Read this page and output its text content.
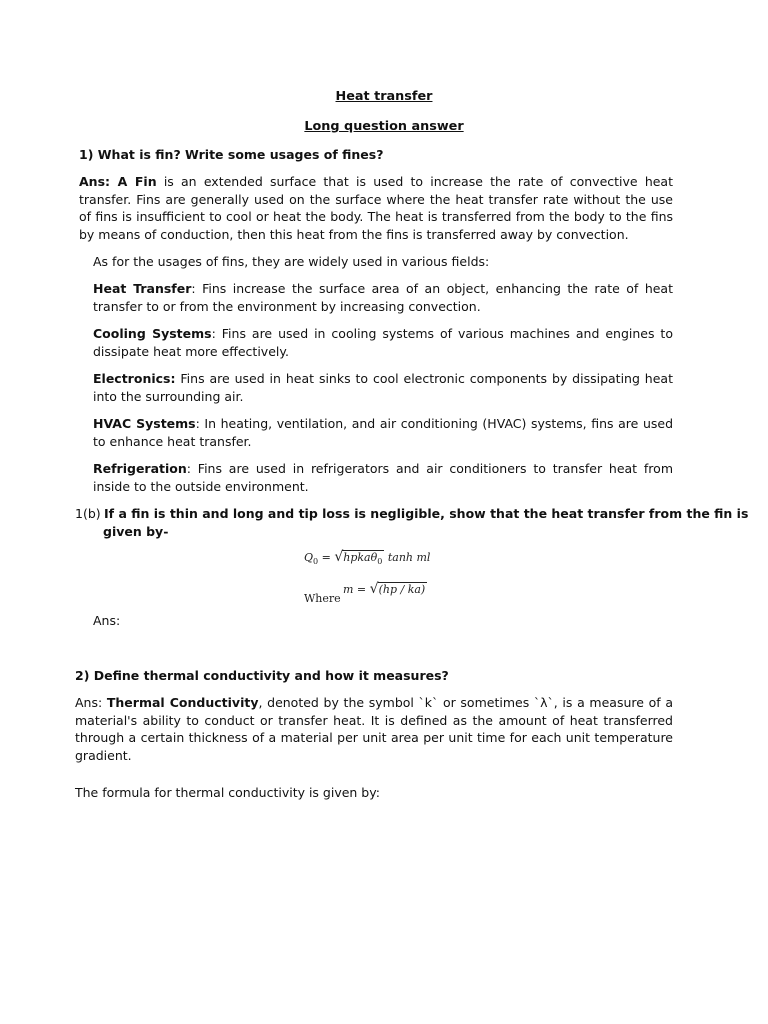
Heat transfer
Long question answer
1) What is fin? Write some usages of fines?
Ans: A Fin is an extended surface that is used to increase the rate of convective heat transfer. Fins are generally used on the surface where the heat transfer rate without the use of fins is insufficient to cool or heat the body. The heat is transferred from the body to the fins by means of conduction, then this heat from the fins is transferred away by convection.
As for the usages of fins, they are widely used in various fields:
Heat Transfer: Fins increase the surface area of an object, enhancing the rate of heat transfer to or from the environment by increasing convection.
Cooling Systems: Fins are used in cooling systems of various machines and engines to dissipate heat more effectively.
Electronics: Fins are used in heat sinks to cool electronic components by dissipating heat into the surrounding air.
HVAC Systems: In heating, ventilation, and air conditioning (HVAC) systems, fins are used to enhance heat transfer.
Refrigeration: Fins are used in refrigerators and air conditioners to transfer heat from inside to the outside environment.
1(b) If a fin is thin and long and tip loss is negligible, show that the heat transfer from the fin is
given by-
$Q_0$ = √hpkaθ$_0$ tanh ml
Where
m = √(hp / ka)
Ans:
2) Define thermal conductivity and how it measures?
Ans: Thermal Conductivity, denoted by the symbol `k` or sometimes `λ`, is a measure of a material's ability to conduct or transfer heat. It is defined as the amount of heat transferred through a certain thickness of a material per unit area per unit time for each unit temperature gradient.
The formula for thermal conductivity is given by:
